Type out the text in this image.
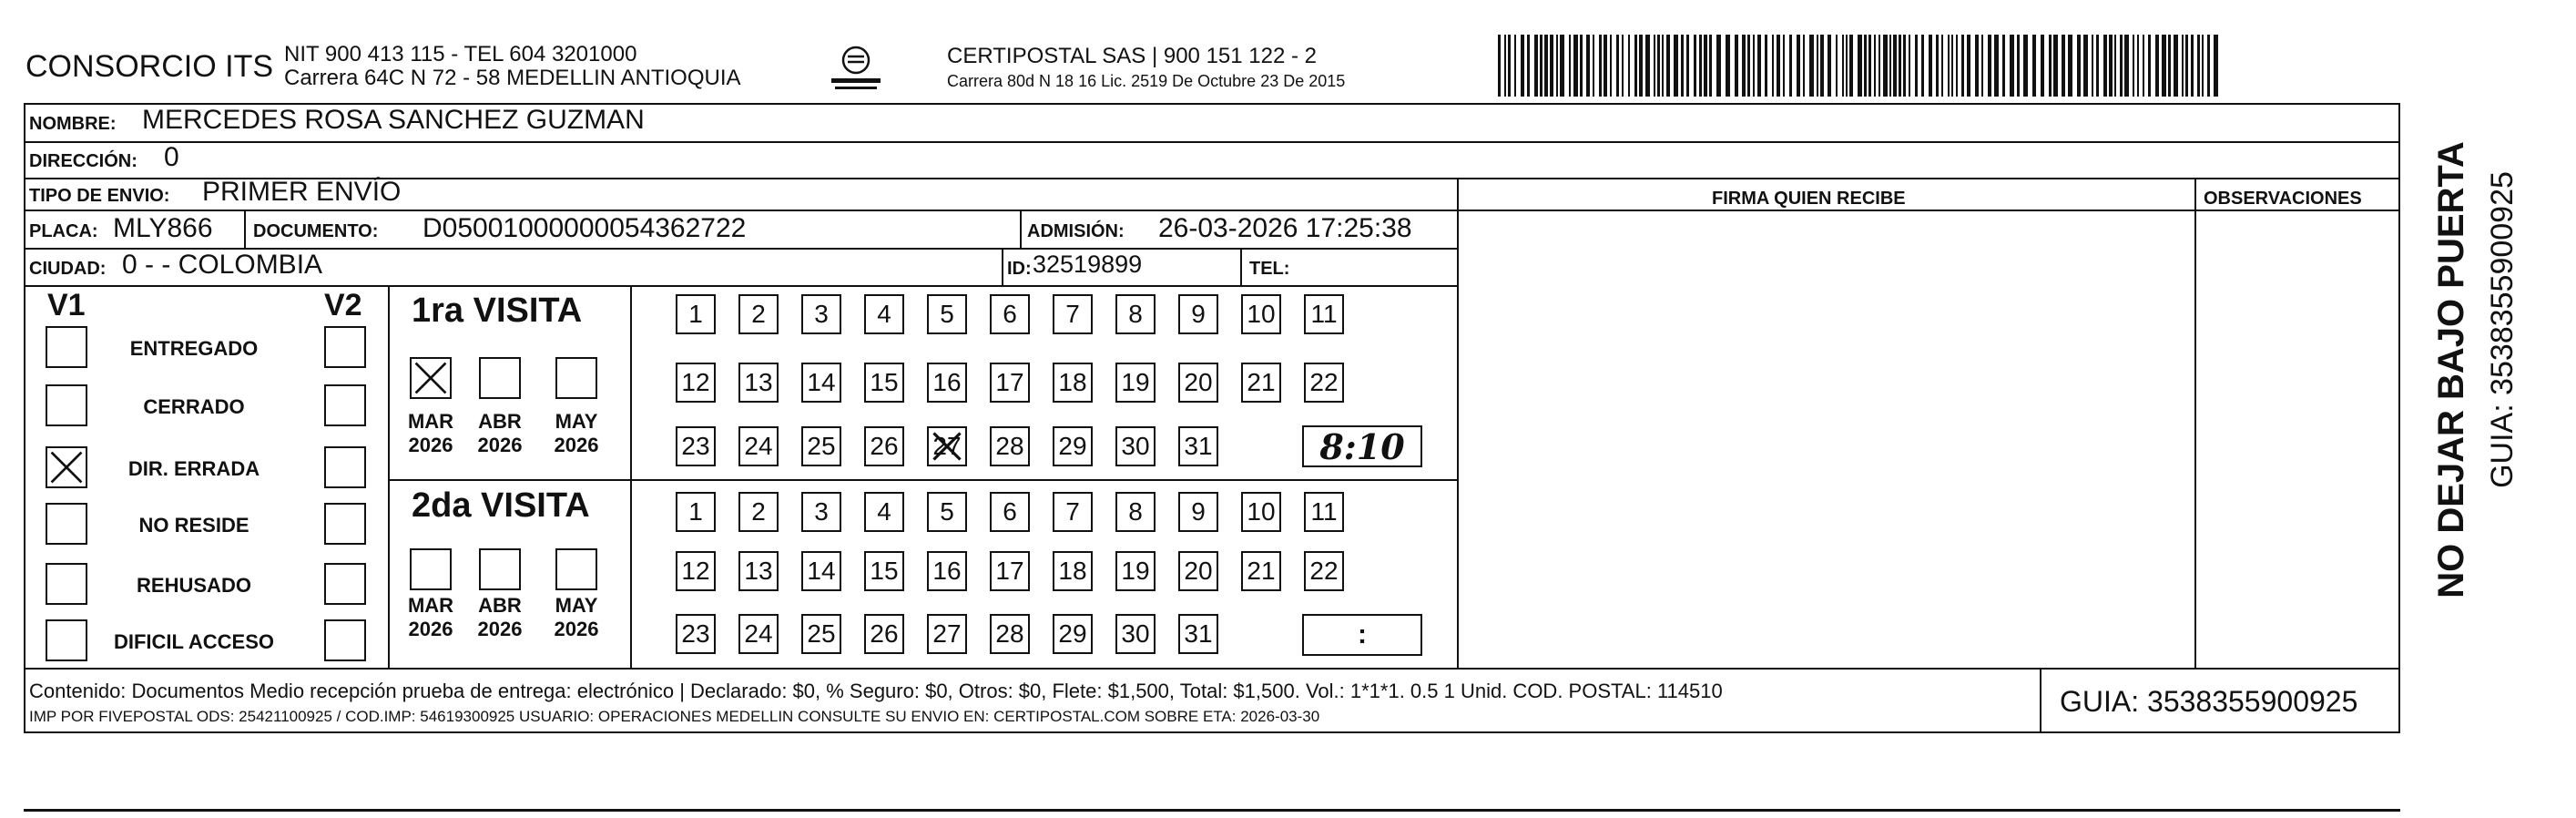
CONSORCIO ITS NIT 900 413 115 - TEL 604 3201000
Carrera 64C N 72 - 58 MEDELLIN ANTIOQUIA
CERTIPOSTAL SAS | 900 151 122 - 2
Carrera 80d N 18 16 Lic. 2519 De Octubre 23 De 2015
NOMBRE: MERCEDES ROSA SANCHEZ GUZMAN
DIRECCIÓN: 0
TIPO DE ENVIO: PRIMER ENVÍO	FIRMA QUIEN RECIBE	OBSERVACIONES
PLACA: MLY866 DOCUMENTO: D05001000000054362722	ADMISIÓN: 26-03-2026 17:25:38
CIUDAD: 0 - - COLOMBIA	ID: 32519899	TEL:
V1	V2
ENTREGADO
CERRADO
DIR. ERRADA
NO RESIDE
REHUSADO
DIFICIL ACCESO
1ra VISITA
2da VISITA
MAR
2026
ABR
2026
MAY
2026
MAR
2026
ABR
2026
MAY
2026
1 2 3 4 5 6 7 8 9 10 11
12 13 14 15 16 17 18 19 20 21 22
23 24 25 26 27 28 29 30 31
1 2 3 4 5 6 7 8 9 10 11
12 13 14 15 16 17 18 19 20 21 22
23 24 25 26 27 28 29 30 31
8:10
:
Contenido: Documentos Medio recepción prueba de entrega: electrónico | Declarado: $0, % Seguro: $0, Otros: $0, Flete: $1,500, Total: $1,500. Vol.: 1*1*1. 0.5 1 Unid. COD. POSTAL: 114510
IMP POR FIVEPOSTAL ODS: 25421100925 / COD.IMP: 54619300925 USUARIO: OPERACIONES MEDELLIN CONSULTE SU ENVIO EN: CERTIPOSTAL.COM SOBRE ETA: 2026-03-30	GUIA: 3538355900925
NO DEJAR BAJO PUERTA GUIA: 3538355900925
